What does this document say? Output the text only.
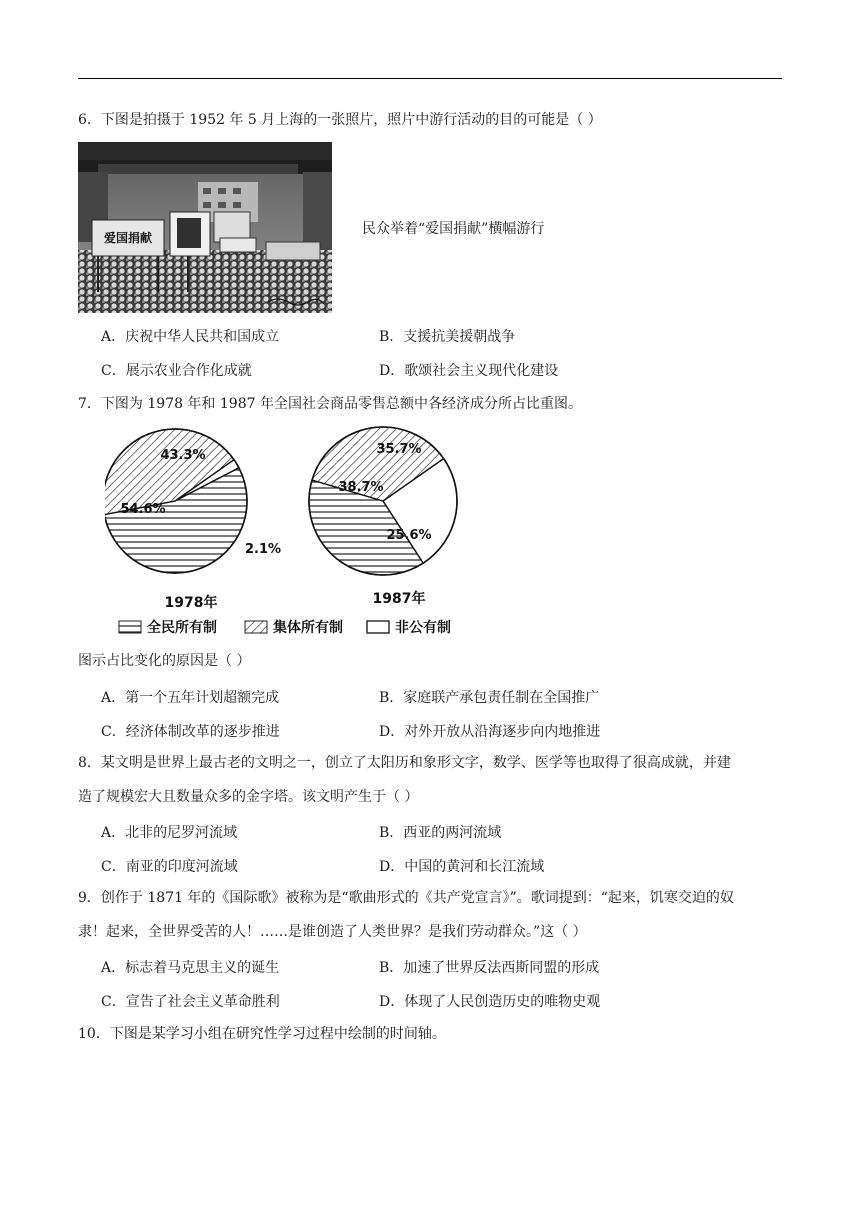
6．下图是拍摄于 1952 年 5 月上海的一张照片，照片中游行活动的目的可能是（ ）
爱国捐献
民众举着“爱国捐献”横幅游行
A．庆祝中华人民共和国成立	B．支援抗美援朝战争
C．展示农业合作化成就	D．歌颂社会主义现代化建设
7．下图为 1978 年和 1987 年全国社会商品零售总额中各经济成分所占比重图。
54.6%
43.3%
2.1%
1978年
38.7%
35.7%
25.6%
1987年
全民所有制	集体所有制	非公有制
图示占比变化的原因是（ ）
A．第一个五年计划超额完成	B．家庭联产承包责任制在全国推广
C．经济体制改革的逐步推进	D．对外开放从沿海逐步向内地推进
8．某文明是世界上最古老的文明之一，创立了太阳历和象形文字，数学、医学等也取得了很高成就，并建
造了规模宏大且数量众多的金字塔。该文明产生于（ ）
A．北非的尼罗河流域	B．西亚的两河流域
C．南亚的印度河流域	D．中国的黄河和长江流域
9．创作于 1871 年的《国际歌》被称为是“歌曲形式的《共产党宣言》”。歌词提到：“起来，饥寒交迫的奴
隶！起来，全世界受苦的人！……是谁创造了人类世界？是我们劳动群众。”这（ ）
A．标志着马克思主义的诞生	B．加速了世界反法西斯同盟的形成
C．宣告了社会主义革命胜利	D．体现了人民创造历史的唯物史观
10．下图是某学习小组在研究性学习过程中绘制的时间轴。
